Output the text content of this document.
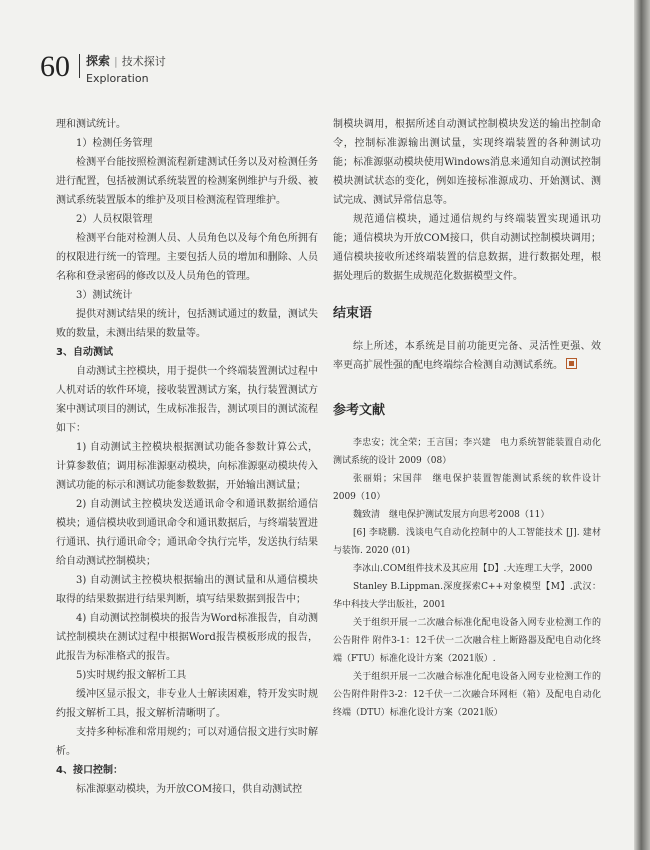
60 探索 | 技术探讨
Exploration

理和测试统计。

1）检测任务管理

检测平台能按照检测流程新建测试任务以及对检测任务进行配置，包括被测试系统装置的检测案例维护与升级、被测试系统装置版本的维护及项目检测流程管理维护。

2）人员权限管理

检测平台能对检测人员、人员角色以及每个角色所拥有的权限进行统一的管理。主要包括人员的增加和删除、人员名称和登录密码的修改以及人员角色的管理。

3）测试统计

提供对测试结果的统计，包括测试通过的数量，测试失败的数量，未测出结果的数量等。

3、自动测试

自动测试主控模块，用于提供一个终端装置测试过程中人机对话的软件环境，接收装置测试方案，执行装置测试方案中测试项目的测试，生成标准报告，测试项目的测试流程如下：

1) 自动测试主控模块根据测试功能各参数计算公式，计算参数值；调用标准源驱动模块，向标准源驱动模块传入测试功能的标示和测试功能参数数据，开始输出测试量；

2) 自动测试主控模块发送通讯命令和通讯数据给通信模块；通信模块收到通讯命令和通讯数据后，与终端装置进行通讯、执行通讯命令；通讯命令执行完毕，发送执行结果给自动测试控制模块；

3) 自动测试主控模块根据输出的测试量和从通信模块取得的结果数据进行结果判断，填写结果数据到报告中；

4) 自动测试控制模块的报告为Word标准报告，自动测试控制模块在测试过程中根据Word报告模板形成的报告，此报告为标准格式的报告。

5)实时规约报文解析工具

缓冲区显示报文，非专业人士解读困难，特开发实时规约报文解析工具，报文解析清晰明了。

支持多种标准和常用规约；可以对通信报文进行实时解析。

4、接口控制：

标准源驱动模块，为开放COM接口，供自动测试控

制模块调用，根据所述自动测试控制模块发送的输出控制命令，控制标准源输出测试量，实现终端装置的各种测试功能；标准源驱动模块使用Windows消息来通知自动测试控制模块测试状态的变化，例如连接标准源成功、开始测试、测试完成、测试异常信息等。

规范通信模块，通过通信规约与终端装置实现通讯功能；通信模块为开放COM接口，供自动测试控制模块调用；通信模块接收所述终端装置的信息数据，进行数据处理，根据处理后的数据生成规范化数据模型文件。

结束语

综上所述，本系统是目前功能更完备、灵活性更强、效率更高扩展性强的配电终端综合检测自动测试系统。

参考文献

李忠安；沈全荣；王言国；李兴建　电力系统智能装置自动化测试系统的设计 2009（08）

张丽娟；宋国萍　继电保护装置智能测试系统的软件设计 2009（10）

魏致清　继电保护测试发展方向思考2008（11）

[6] 李晓鹏．浅谈电气自动化控制中的人工智能技术 [J]. 建材与装饰. 2020 (01)

李冰山.COM组件技术及其应用【D】.大连理工大学，2000

Stanley B.Lippman.深度探索C++对象模型【M】.武汉：华中科技大学出版社，2001

关于组织开展一二次融合标准化配电设备入网专业检测工作的公告附件 附件3-1：12千伏一二次融合柱上断路器及配电自动化终端（FTU）标准化设计方案（2021版）.

关于组织开展一二次融合标准化配电设备入网专业检测工作的公告附件附件3-2：12千伏一二次融合环网柜（箱）及配电自动化终端（DTU）标准化设计方案（2021版）
